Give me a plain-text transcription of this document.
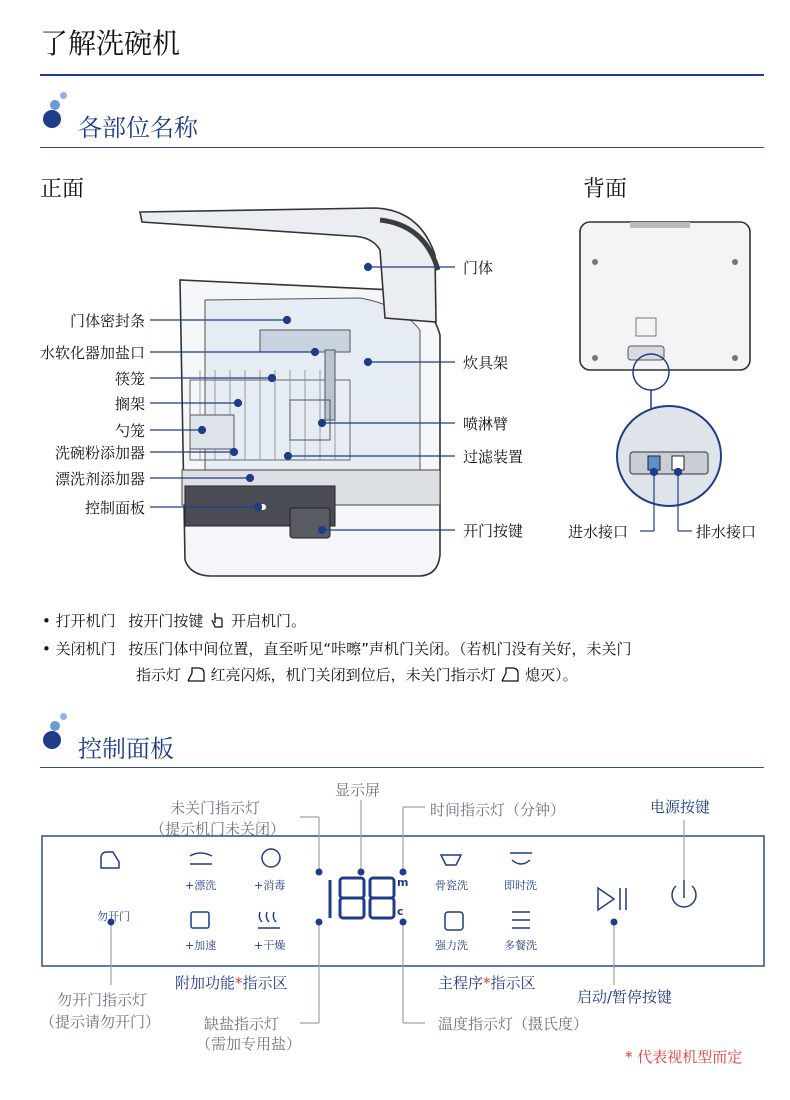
了解洗碗机
各部位名称
正面	背面
门体密封条
水软化器加盐口
筷笼
搁架
勺笼
洗碗粉添加器
漂洗剂添加器
控制面板
门体
炊具架
喷淋臂
过滤装置
开门按键	进水接口	排水接口
• 打开机门 按开门按键 开启机门。
• 关闭机门 按压门体中间位置，直至听见“咔嚓”声机门关闭。（若机门没有关好，未关门
指示灯 红亮闪烁，机门关闭到位后，未关门指示灯 熄灭）。
控制面板
勿开门
+漂洗	+消毒
+加速	+干燥
m
c
骨瓷洗	即时洗
强力洗	多餐洗
未关门指示灯
（提示机门未关闭）
显示屏
时间指示灯（分钟）	电源按键
勿开门指示灯
（提示请勿开门）
附加功能*指示区
缺盐指示灯
（需加专用盐）
主程序*指示区
温度指示灯（摄氏度）
启动/暂停按键
* 代表视机型而定
